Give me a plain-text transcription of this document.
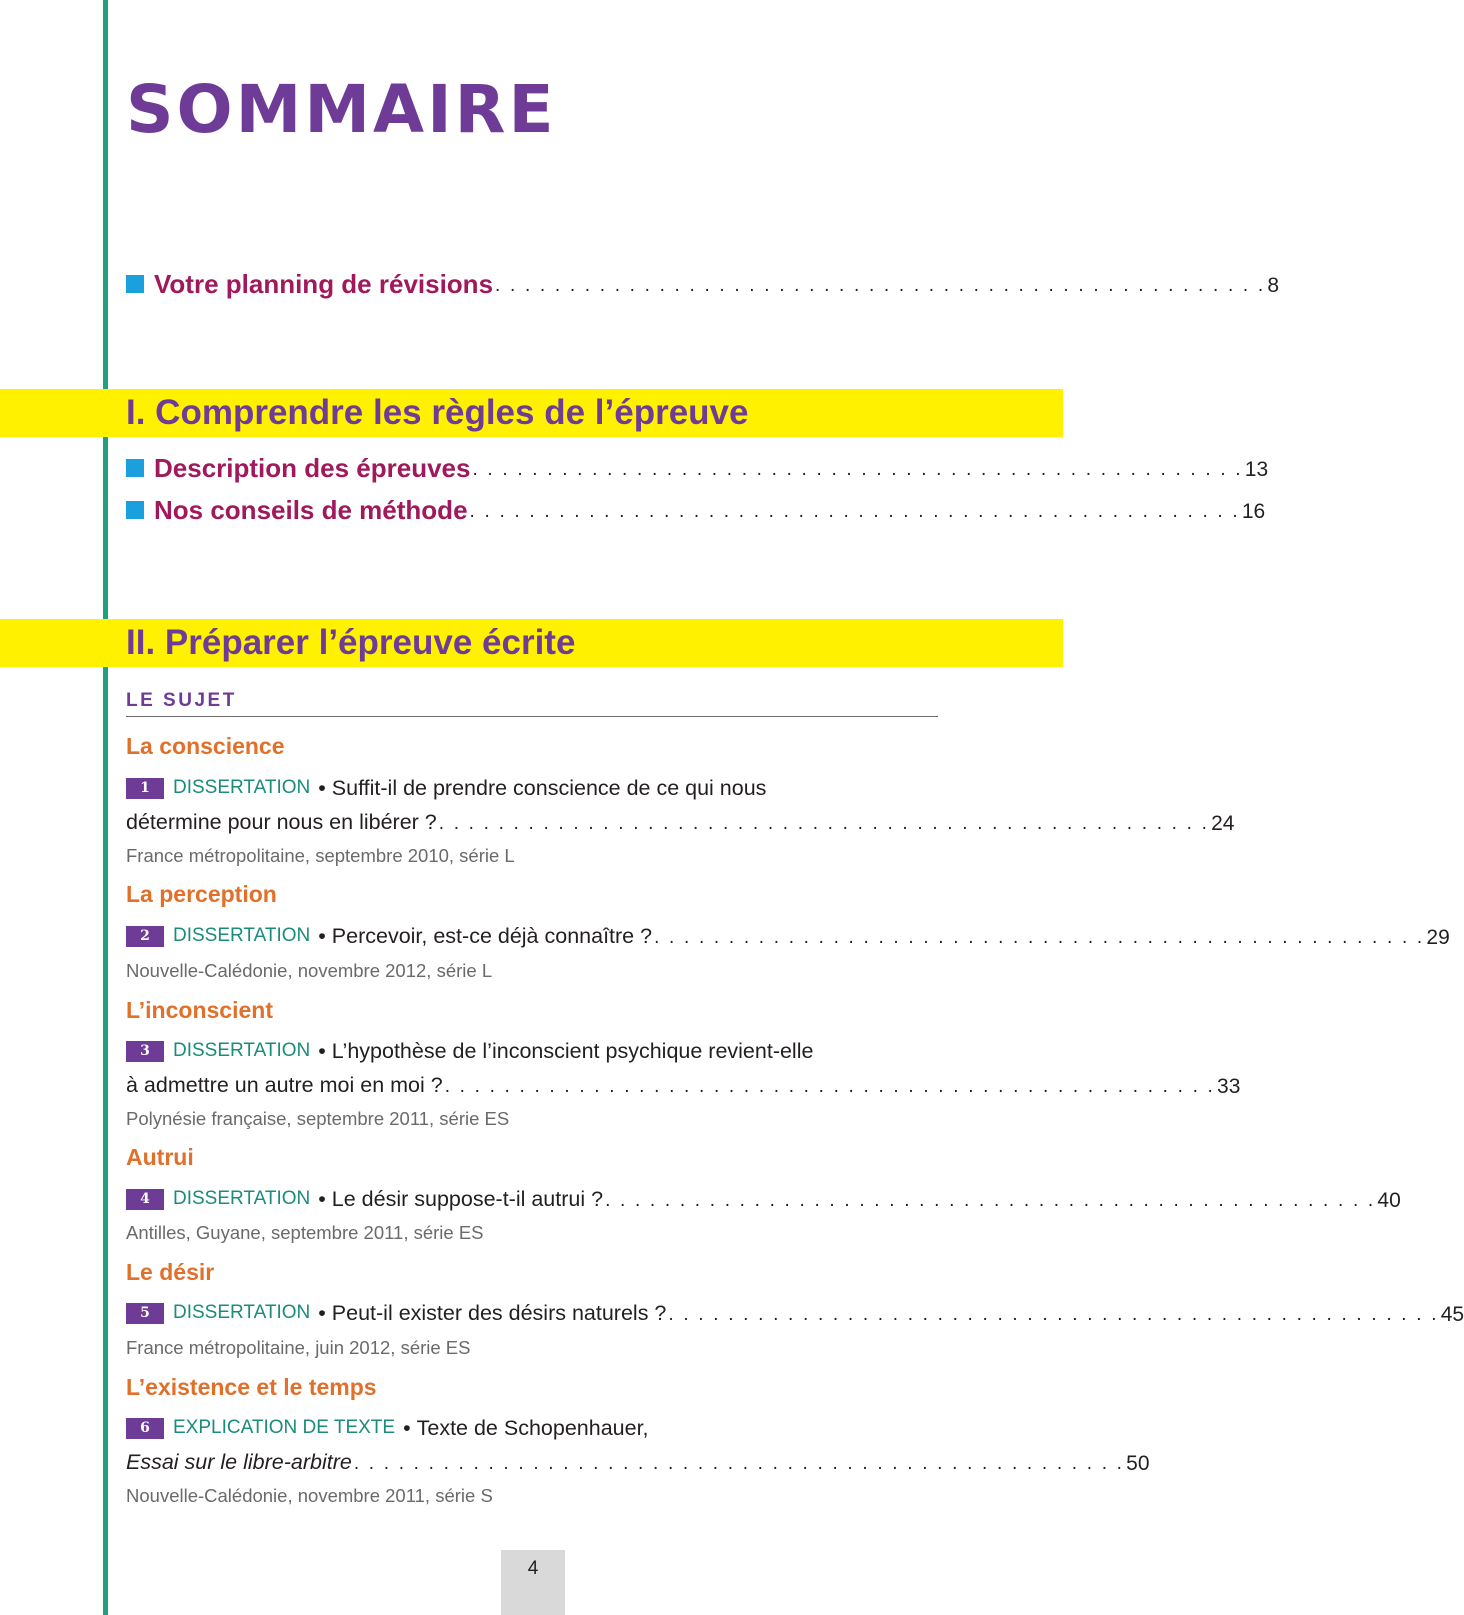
SOMMAIRE
Votre planning de révisions . . . . . . . . . . . . . . . . . . . . . . . . . . . . . . . . . . . . . . . . . . . . . . . . . . . . 8
I. Comprendre les règles de l’épreuve
Description des épreuves . . . . . . . . . . . . . . . . . . . . . . . . . . . . . . . . . . . . . . . . . . . . . . . . . . . . 13
Nos conseils de méthode . . . . . . . . . . . . . . . . . . . . . . . . . . . . . . . . . . . . . . . . . . . . . . . . . . . . 16
II. Préparer l’épreuve écrite
LE SUJET
La conscience
1	DISSERTATION • Suffit-il de prendre conscience de ce qui nous
détermine pour nous en libérer ? . . . . . . . . . . . . . . . . . . . . . . . . . . . . . . . . . . . . . . . . . . . . . . . . . . . . 24
France métropolitaine, septembre 2010, série L
La perception
2	DISSERTATION • Percevoir, est-ce déjà connaître ? . . . . . . . . . . . . . . . . . . . . . . . . . . . . . . . . . . . . . . . . . . . . . . . . . . . . 29
Nouvelle-Calédonie, novembre 2012, série L
L’inconscient
3	DISSERTATION • L’hypothèse de l’inconscient psychique revient-elle
à admettre un autre moi en moi ? . . . . . . . . . . . . . . . . . . . . . . . . . . . . . . . . . . . . . . . . . . . . . . . . . . . . 33
Polynésie française, septembre 2011, série ES
Autrui
4	DISSERTATION • Le désir suppose-t-il autrui ? . . . . . . . . . . . . . . . . . . . . . . . . . . . . . . . . . . . . . . . . . . . . . . . . . . . . 40
Antilles, Guyane, septembre 2011, série ES
Le désir
5	DISSERTATION • Peut-il exister des désirs naturels ? . . . . . . . . . . . . . . . . . . . . . . . . . . . . . . . . . . . . . . . . . . . . . . . . . . . . 45
France métropolitaine, juin 2012, série ES
L’existence et le temps
6	EXPLICATION DE TEXTE • Texte de Schopenhauer,
Essai sur le libre-arbitre . . . . . . . . . . . . . . . . . . . . . . . . . . . . . . . . . . . . . . . . . . . . . . . . . . . . 50
Nouvelle-Calédonie, novembre 2011, série S
4
